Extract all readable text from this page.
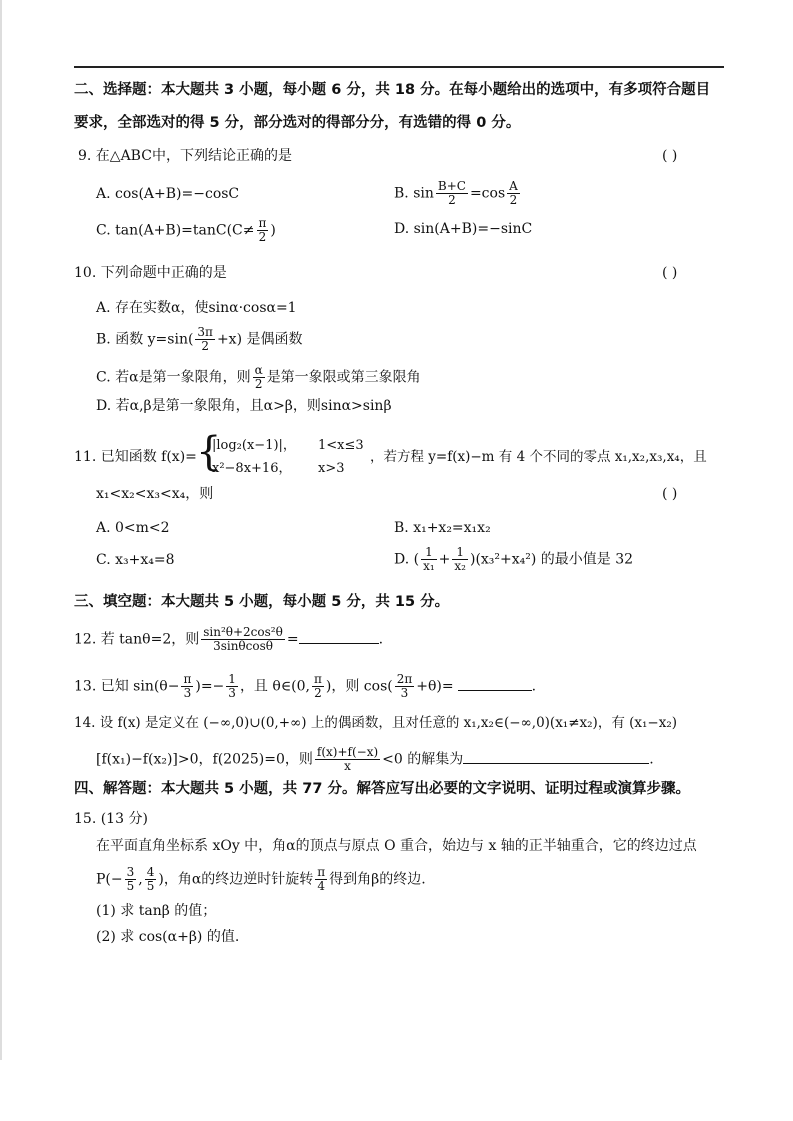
二、选择题：本大题共 3 小题，每小题 6 分，共 18 分。在每小题给出的选项中，有多项符合题目
要求，全部选对的得 5 分，部分选对的得部分分，有选错的得 0 分。
9. 在△ABC中，下列结论正确的是	( )
A. cos(A+B)=−cosC	B. $\sin \frac{B+C}{2} =\cos \frac{A}{2}$
C. $\tan(A+B)=\tan C(C\ne \frac{\pi}{2}$ )	D. sin(A+B)=−sinC
10. 下列命题中正确的是	( )
A. 存在实数α，使sinα·cosα=1
B. 函数 $y=\sin( \frac{3\pi}{2} +x)$ 是偶函数
C. 若α是第一象限角，则 $\frac{\alpha}{2}$ 是第一象限或第三象限角
D. 若α,β是第一象限角，且α>β，则sinα>sinβ
11. 已知函数 f(x)= {
|log₂(x−1)|， 1<x≤3
x²−8x+16， x>3
，若方程 y=f(x)−m 有 4 个不同的零点 x₁,x₂,x₃,x₄，且
x₁<x₂<x₃<x₄，则	( )
A. 0<m<2	B. x₁+x₂=x₁x₂
C. x₃+x₄=8	D. ( $\frac{1}{\text{x₁}} + \frac{1}{\text{x₂}} )(x_3^2+x_4^2)$ 的最小值是 32
三、填空题：本大题共 5 小题，每小题 5 分，共 15 分。
12. 若 tanθ=2，则 $\frac{\text{sin²θ+2cos²θ}}{3\sin\theta\cos\theta}$ =	.
13. 已知 $\sin(\theta- \frac{\pi}{3}$ )=− $\frac{1}{3}$ ，且 θ∈(0, $\frac{\pi}{2}$ )，则 $\cos( \frac{2\pi}{3} +\theta)=$	.
14. 设 f(x) 是定义在 (−∞,0)∪(0,+∞) 上的偶函数，且对任意的 x₁,x₂∈(−∞,0)(x₁≠x₂)，有 (x₁−x₂)
[f(x₁)−f(x₂)]>0，f(2025)=0，则 $\frac{f(x)+f(-x)}{x} <0$ 的解集为	.
四、解答题：本大题共 5 小题，共 77 分。解答应写出必要的文字说明、证明过程或演算步骤。
15. (13 分)
在平面直角坐标系 xOy 中，角α的顶点与原点 O 重合，始边与 x 轴的正半轴重合，它的终边过点
$P(- \frac{3}{5}$ , $\frac{4}{5}$ )，角α的终边逆时针旋转 $\frac{\pi}{4}$ 得到角β的终边.
(1) 求 tanβ 的值；
(2) 求 cos(α+β) 的值.
